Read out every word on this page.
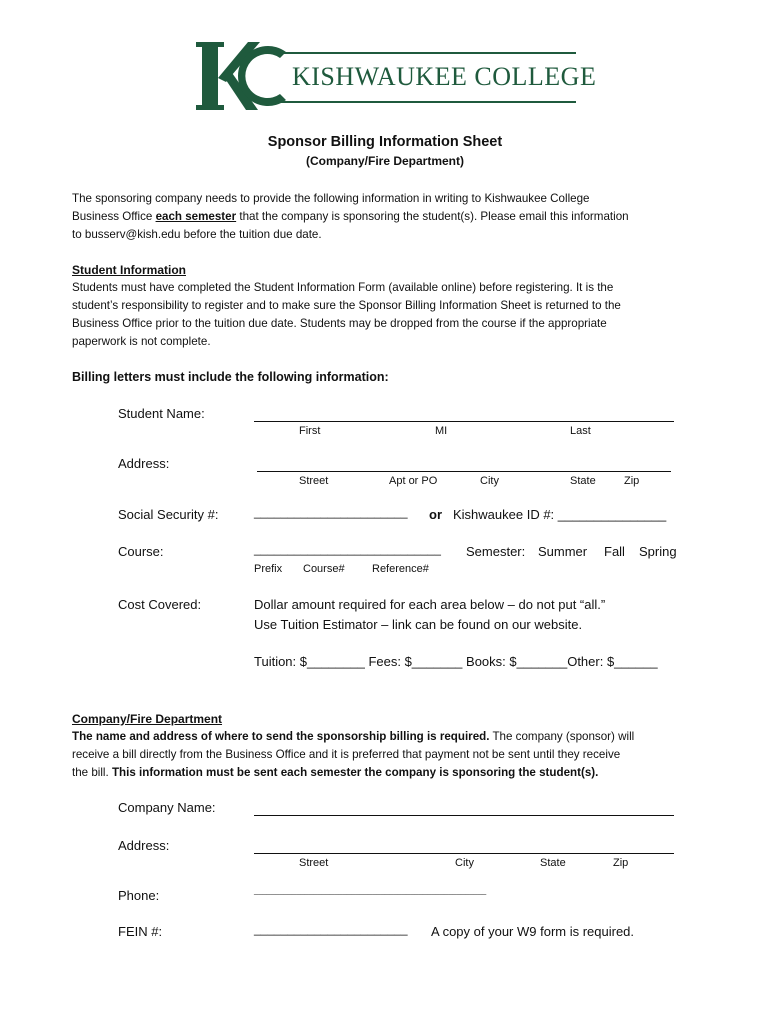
KISHWAUKEE COLLEGE
Sponsor Billing Information Sheet
(Company/Fire Department)
The sponsoring company needs to provide the following information in writing to Kishwaukee College
Business Office each semester that the company is sponsoring the student(s). Please email this information
to busserv@kish.edu before the tuition due date.
Student Information
Students must have completed the Student Information Form (available online) before registering. It is the
student’s responsibility to register and to make sure the Sponsor Billing Information Sheet is returned to the
Business Office prior to the tuition due date. Students may be dropped from the course if the appropriate
paperwork is not complete.
Billing letters must include the following information:
Student Name:
First	MI	Last
Address:
Street	Apt or PO	City	State	Zip
Social Security #:	_______________________ or Kishwaukee ID #: _______________
Course:	____________________________ Semester: Summer Fall Spring
Prefix Course# Reference#
Cost Covered:	Dollar amount required for each area below – do not put “all.”
Use Tuition Estimator – link can be found on our website.
Tuition: $________ Fees: $_______ Books: $_______Other: $______
Company/Fire Department
The name and address of where to send the sponsorship billing is required. The company (sponsor) will
receive a bill directly from the Business Office and it is preferred that payment not be sent until they receive
the bill. This information must be sent each semester the company is sponsoring the student(s).
Company Name:
Address:
Street	City	State	Zip
Phone:	_______________________________________________________
FEIN #:	_______________________ A copy of your W9 form is required.
